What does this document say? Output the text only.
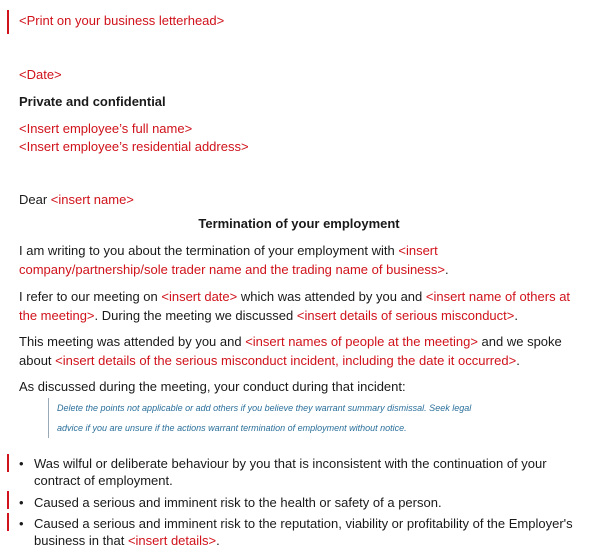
<Print on your business letterhead>
<Date>
Private and confidential
<Insert employee’s full name>
<Insert employee’s residential address>
Dear <insert name>
Termination of your employment
I am writing to you about the termination of your employment with <insert company/partnership/sole trader name and the trading name of business>.
I refer to our meeting on <insert date> which was attended by you and <insert name of others at the meeting>. During the meeting we discussed <insert details of serious misconduct>.
This meeting was attended by you and <insert names of people at the meeting> and we spoke about <insert details of the serious misconduct incident, including the date it occurred>.
As discussed during the meeting, your conduct during that incident:
Delete the points not applicable or add others if you believe they warrant summary dismissal. Seek legal
advice if you are unsure if the actions warrant termination of employment without notice.
• Was wilful or deliberate behaviour by you that is inconsistent with the continuation of your contract of employment.
• Caused a serious and imminent risk to the health or safety of a person.
• Caused a serious and imminent risk to the reputation, viability or profitability of the Employer's business in that <insert details>.
